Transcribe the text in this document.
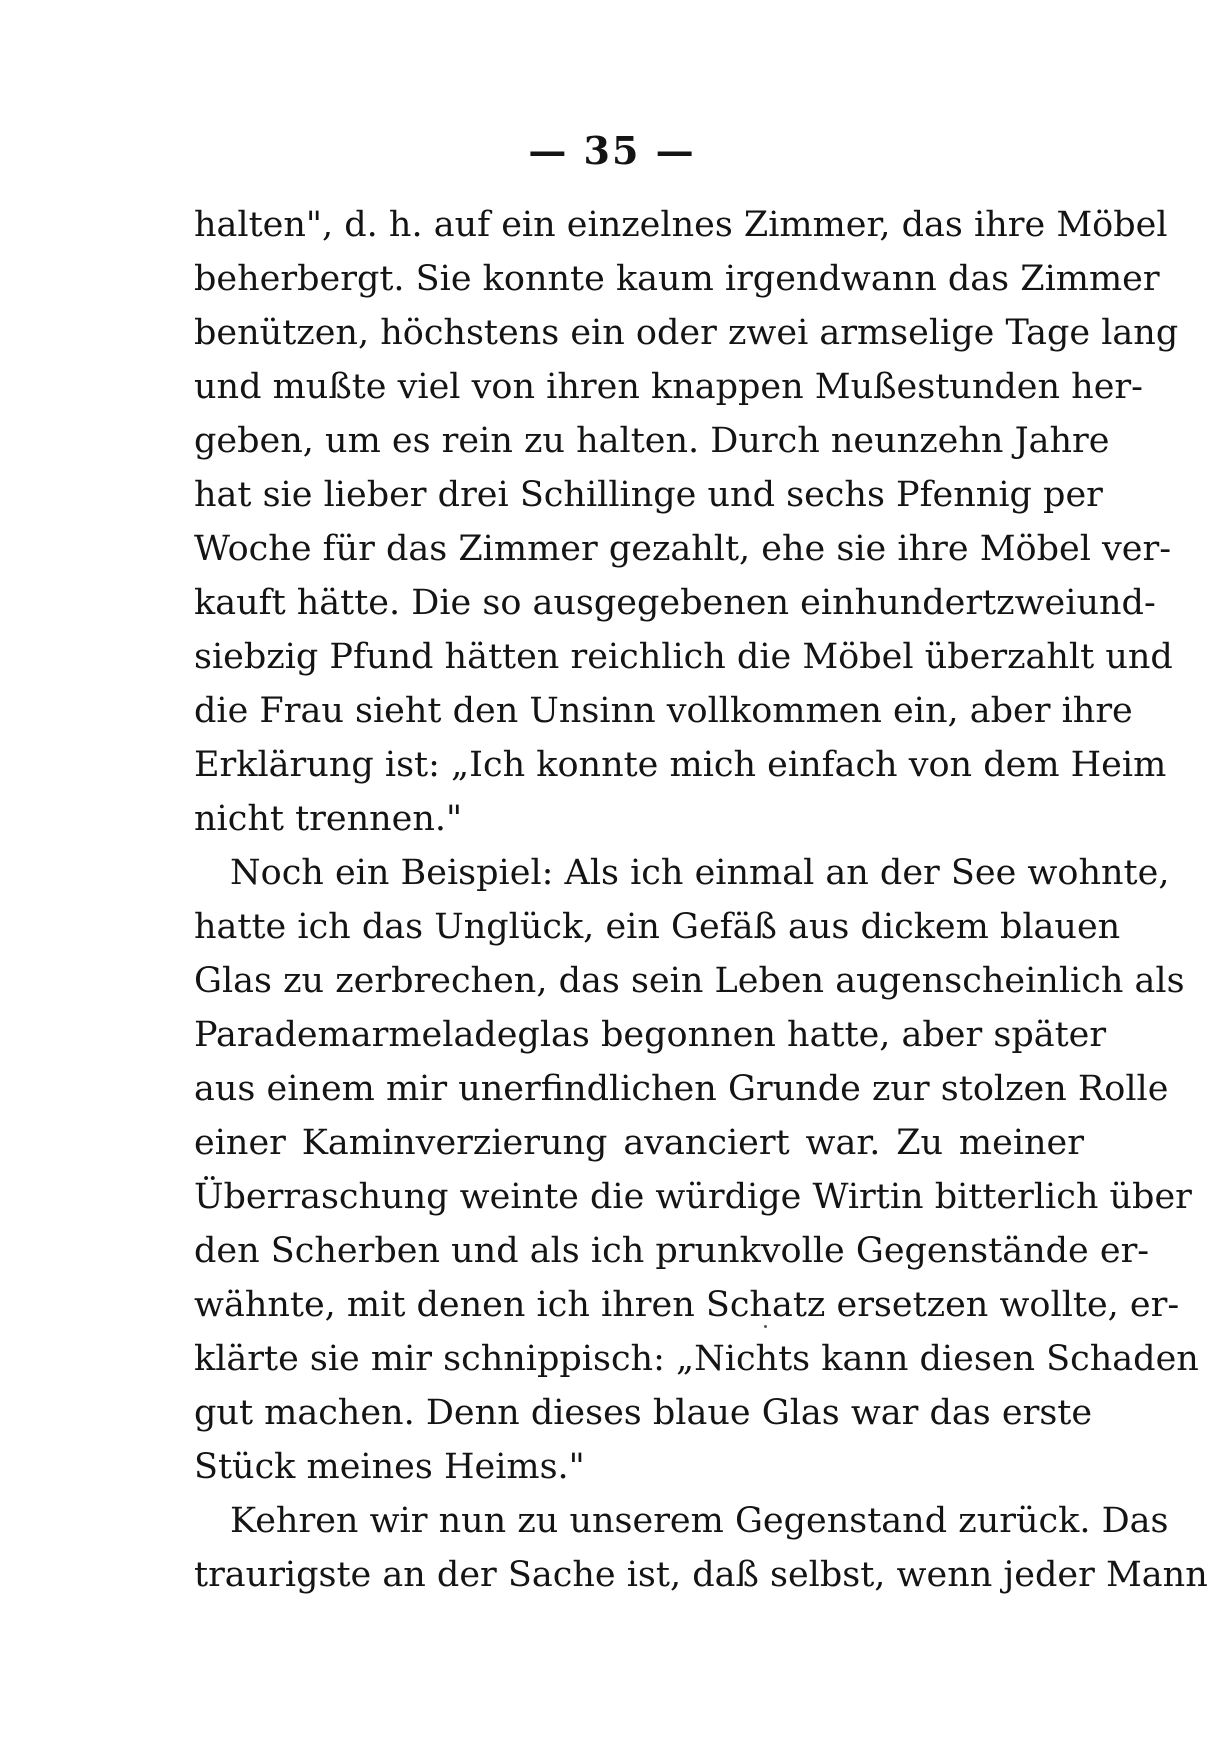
— 35 —
halten", d. h. auf ein einzelnes Zimmer, das ihre Möbel
beherbergt. Sie konnte kaum irgendwann das Zimmer
benützen, höchstens ein oder zwei armselige Tage lang
und mußte viel von ihren knappen Mußestunden her-
geben, um es rein zu halten. Durch neunzehn Jahre
hat sie lieber drei Schillinge und sechs Pfennig per
Woche für das Zimmer gezahlt, ehe sie ihre Möbel ver-
kauft hätte. Die so ausgegebenen einhundertzweiund-
siebzig Pfund hätten reichlich die Möbel überzahlt und
die Frau sieht den Unsinn vollkommen ein, aber ihre
Erklärung ist: „Ich konnte mich einfach von dem Heim
nicht trennen."
Noch ein Beispiel: Als ich einmal an der See wohnte,
hatte ich das Unglück, ein Gefäß aus dickem blauen
Glas zu zerbrechen, das sein Leben augenscheinlich als
Parademarmeladeglas begonnen hatte, aber später
aus einem mir unerfindlichen Grunde zur stolzen Rolle
einer Kaminverzierung avanciert war. Zu meiner
Überraschung weinte die würdige Wirtin bitterlich über
den Scherben und als ich prunkvolle Gegenstände er-
wähnte, mit denen ich ihren Schatz ersetzen wollte, er-
klärte sie mir schnippisch: „Nichts kann diesen Schaden
gut machen. Denn dieses blaue Glas war das erste
Stück meines Heims."
Kehren wir nun zu unserem Gegenstand zurück. Das
traurigste an der Sache ist, daß selbst, wenn jeder Mann
